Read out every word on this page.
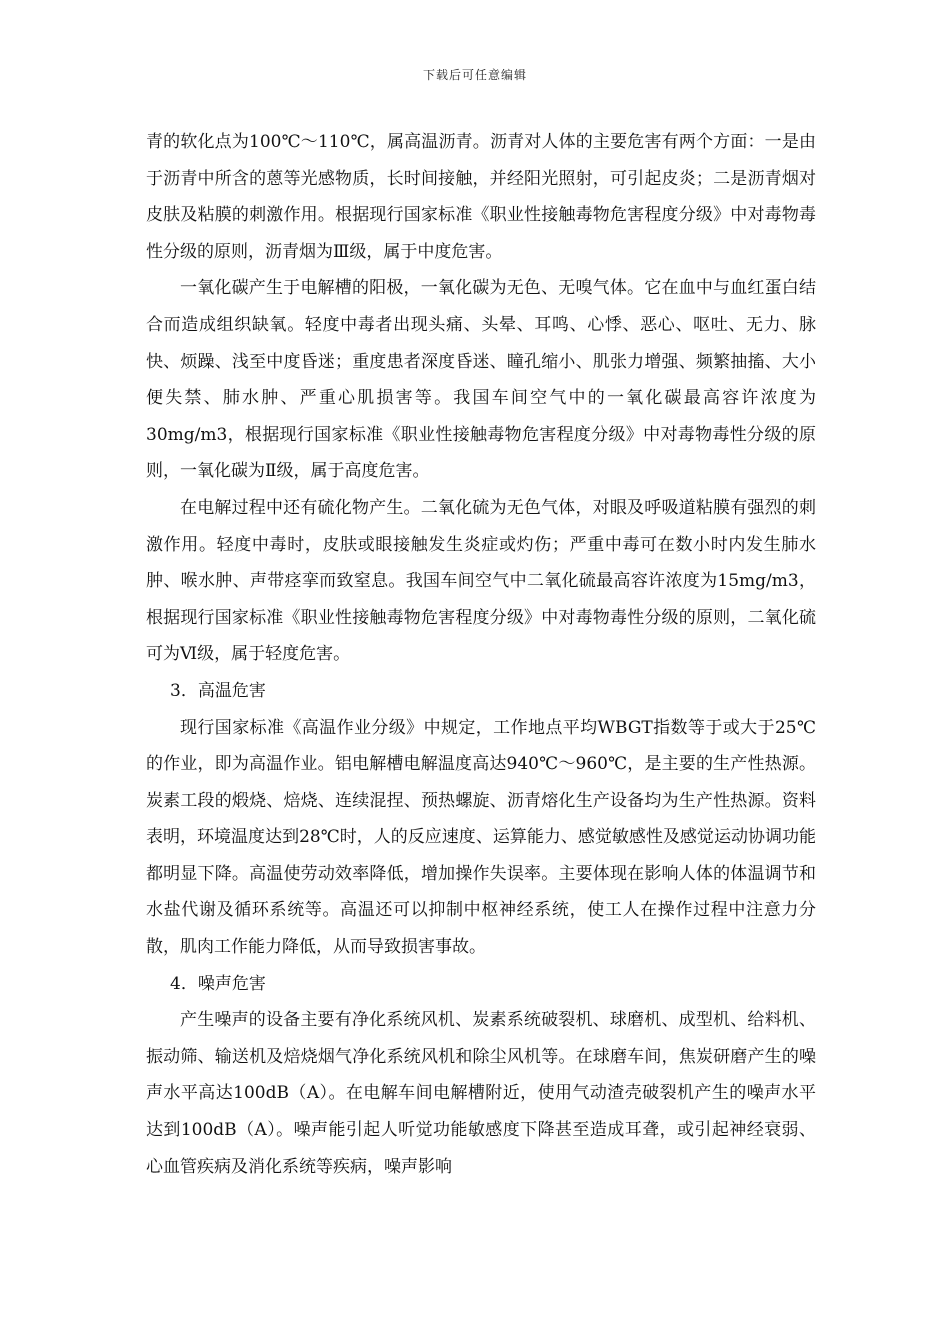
下载后可任意编辑

青的软化点为100℃～110℃，属高温沥青。沥青对人体的主要危害有两个方面：一是由于沥青中所含的蒽等光感物质，长时间接触，并经阳光照射，可引起皮炎；二是沥青烟对皮肤及粘膜的刺激作用。根据现行国家标准《职业性接触毒物危害程度分级》中对毒物毒性分级的原则，沥青烟为Ⅲ级，属于中度危害。

一氧化碳产生于电解槽的阳极，一氧化碳为无色、无嗅气体。它在血中与血红蛋白结合而造成组织缺氧。轻度中毒者出现头痛、头晕、耳鸣、心悸、恶心、呕吐、无力、脉快、烦躁、浅至中度昏迷；重度患者深度昏迷、瞳孔缩小、肌张力增强、频繁抽搐、大小便失禁、肺水肿、严重心肌损害等。我国车间空气中的一氧化碳最高容许浓度为30mg/m3，根据现行国家标准《职业性接触毒物危害程度分级》中对毒物毒性分级的原则，一氧化碳为Ⅱ级，属于高度危害。

在电解过程中还有硫化物产生。二氧化硫为无色气体，对眼及呼吸道粘膜有强烈的刺激作用。轻度中毒时，皮肤或眼接触发生炎症或灼伤；严重中毒可在数小时内发生肺水肿、喉水肿、声带痉挛而致窒息。我国车间空气中二氧化硫最高容许浓度为15mg/m3，根据现行国家标准《职业性接触毒物危害程度分级》中对毒物毒性分级的原则，二氧化硫可为Ⅵ级，属于轻度危害。

3．高温危害

现行国家标准《高温作业分级》中规定，工作地点平均WBGT指数等于或大于25℃的作业，即为高温作业。铝电解槽电解温度高达940℃～960℃，是主要的生产性热源。炭素工段的煅烧、焙烧、连续混捏、预热螺旋、沥青熔化生产设备均为生产性热源。资料表明，环境温度达到28℃时，人的反应速度、运算能力、感觉敏感性及感觉运动协调功能都明显下降。高温使劳动效率降低，增加操作失误率。主要体现在影响人体的体温调节和水盐代谢及循环系统等。高温还可以抑制中枢神经系统，使工人在操作过程中注意力分散，肌肉工作能力降低，从而导致损害事故。

4．噪声危害

产生噪声的设备主要有净化系统风机、炭素系统破裂机、球磨机、成型机、给料机、振动筛、输送机及焙烧烟气净化系统风机和除尘风机等。在球磨车间，焦炭研磨产生的噪声水平高达100dB（A）。在电解车间电解槽附近，使用气动渣壳破裂机产生的噪声水平达到100dB（A）。噪声能引起人听觉功能敏感度下降甚至造成耳聋，或引起神经衰弱、心血管疾病及消化系统等疾病，噪声影响
